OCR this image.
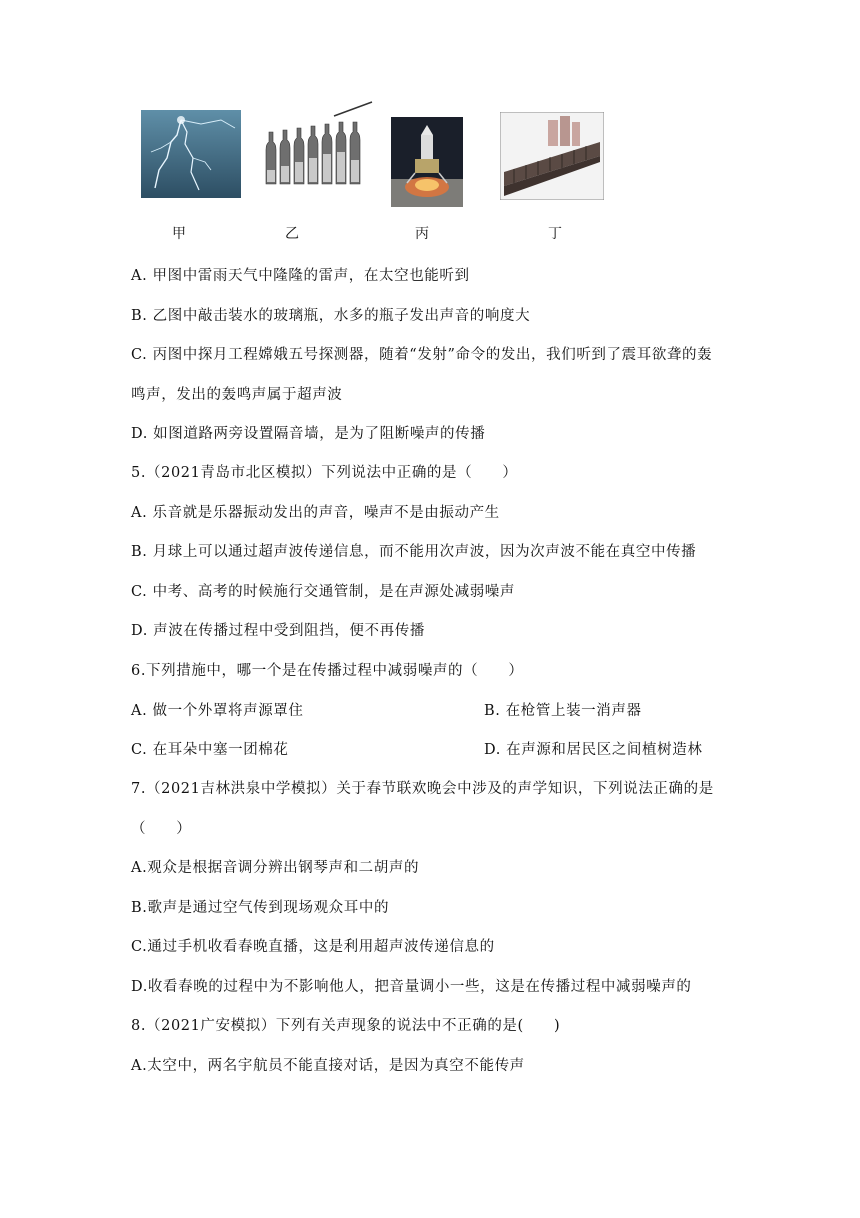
甲	乙	丙	丁
A. 甲图中雷雨天气中隆隆的雷声，在太空也能听到
B. 乙图中敲击装水的玻璃瓶，水多的瓶子发出声音的响度大
C. 丙图中探月工程嫦娥五号探测器，随着“发射”命令的发出，我们听到了震耳欲聋的轰
鸣声，发出的轰鸣声属于超声波
D. 如图道路两旁设置隔音墙，是为了阻断噪声的传播
5.（2021青岛市北区模拟）下列说法中正确的是（　　）
A. 乐音就是乐器振动发出的声音，噪声不是由振动产生
B. 月球上可以通过超声波传递信息，而不能用次声波，因为次声波不能在真空中传播
C. 中考、高考的时候施行交通管制，是在声源处减弱噪声
D. 声波在传播过程中受到阻挡，便不再传播
6.下列措施中，哪一个是在传播过程中减弱噪声的（　　）
A. 做一个外罩将声源罩住	B. 在枪管上装一消声器
C. 在耳朵中塞一团棉花	D. 在声源和居民区之间植树造林
7.（2021吉林洪泉中学模拟）关于春节联欢晚会中涉及的声学知识，下列说法正确的是
（　　）
A.观众是根据音调分辨出钢琴声和二胡声的
B.歌声是通过空气传到现场观众耳中的
C.通过手机收看春晚直播，这是利用超声波传递信息的
D.收看春晚的过程中为不影响他人，把音量调小一些，这是在传播过程中减弱噪声的
8.（2021广安模拟）下列有关声现象的说法中不正确的是(　　)
A.太空中，两名宇航员不能直接对话，是因为真空不能传声
